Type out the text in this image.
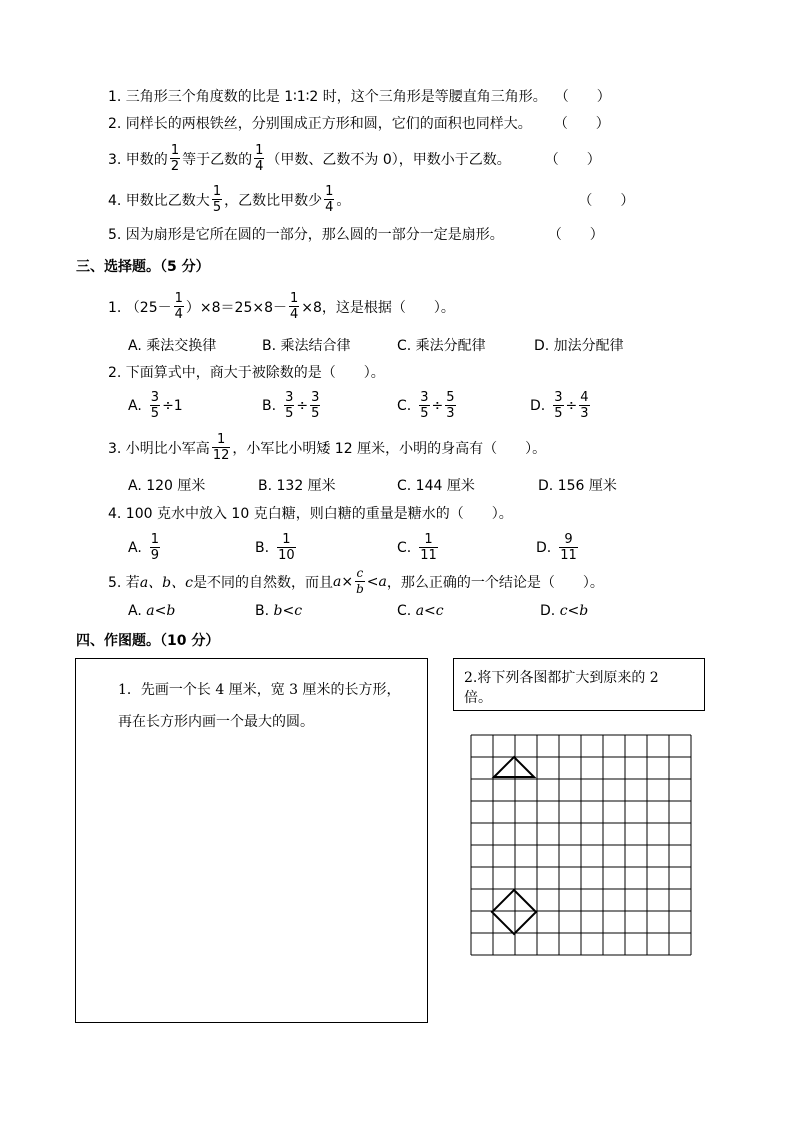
1. 三角形三个角度数的比是 1∶1∶2 时，这个三角形是等腰直角三角形。 （　　）
2. 同样长的两根铁丝，分别围成正方形和圆，它们的面积也同样大。 （　　）
3. 甲数的 $\frac{1}{2}$ 等于乙数的 $\frac{1}{4}$ （甲数、乙数不为 0），甲数小于乙数。 （　　）
4. 甲数比乙数大 $\frac{1}{5}$ ，乙数比甲数少 $\frac{1}{4}$ 。	（　　）
5. 因为扇形是它所在圆的一部分，那么圆的一部分一定是扇形。	（　　）
三、选择题。（5 分）
1. $(25- \frac{1}{4} )\times 8=25\times 8- \frac{1}{4} \times 8$，这是根据（　　）。
A. 乘法交换律	B. 乘法结合律	C. 乘法分配律	D. 加法分配律
2. 下面算式中，商大于被除数的是（　　）。
A. $\frac{3}{5} \div 1$	B. $\frac{3}{5} \div \frac{3}{5}$	C. $\frac{3}{5} \div \frac{5}{3}$	D. $\frac{3}{5} \div \frac{4}{3}$
3. 小明比小军高 $\frac{1}{12}$ ，小军比小明矮 12 厘米，小明的身高有（　　）。
A. 120 厘米	B. 132 厘米	C. 144 厘米	D. 156 厘米
4. 100 克水中放入 10 克白糖，则白糖的重量是糖水的（　　）。
A. $\frac{1}{9}$	B. $\frac{1}{10}$	C. $\frac{1}{11}$	D. $\frac{9}{11}$
5. 若 a、b、c 是不同的自然数，而且 $a \times \frac{c}{b} < a$ ，那么正确的一个结论是（　　）。
A.
a < b	B.
b < c	C.
a < c	D.
c < b
四、作图题。（10 分）
1．先画一个长 4 厘米，宽 3 厘米的长方形，
再在长方形内画一个最大的圆。
2.将下列各图都扩大到原来的 2
倍。
